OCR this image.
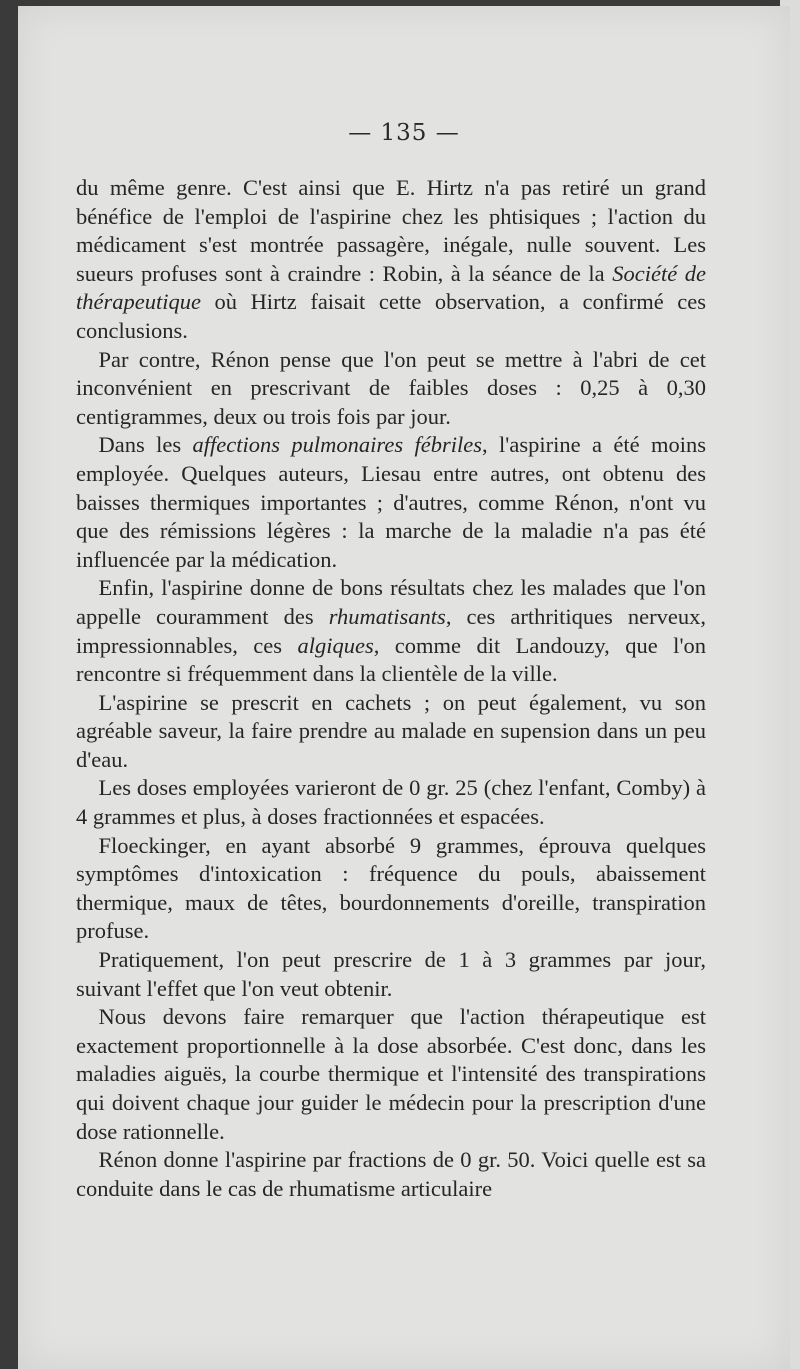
— 135 —

du même genre. C'est ainsi que E. Hirtz n'a pas retiré un grand bénéfice de l'emploi de l'aspirine chez les phtisiques ; l'action du médicament s'est montrée passagère, inégale, nulle souvent. Les sueurs profuses sont à craindre : Robin, à la séance de la Société de thérapeutique où Hirtz faisait cette observation, a confirmé ces conclusions.

Par contre, Rénon pense que l'on peut se mettre à l'abri de cet inconvénient en prescrivant de faibles doses : 0,25 à 0,30 centigrammes, deux ou trois fois par jour.

Dans les affections pulmonaires fébriles, l'aspirine a été moins employée. Quelques auteurs, Liesau entre autres, ont obtenu des baisses thermiques importantes ; d'autres, comme Rénon, n'ont vu que des rémissions légères : la marche de la maladie n'a pas été influencée par la médication.

Enfin, l'aspirine donne de bons résultats chez les malades que l'on appelle couramment des rhumatisants, ces arthritiques nerveux, impressionnables, ces algiques, comme dit Landouzy, que l'on rencontre si fréquemment dans la clientèle de la ville.

L'aspirine se prescrit en cachets ; on peut également, vu son agréable saveur, la faire prendre au malade en supension dans un peu d'eau.

Les doses employées varieront de 0 gr. 25 (chez l'enfant, Comby) à 4 grammes et plus, à doses fractionnées et espacées.

Floeckinger, en ayant absorbé 9 grammes, éprouva quelques symptômes d'intoxication : fréquence du pouls, abaissement thermique, maux de têtes, bourdonnements d'oreille, transpiration profuse.

Pratiquement, l'on peut prescrire de 1 à 3 grammes par jour, suivant l'effet que l'on veut obtenir.

Nous devons faire remarquer que l'action thérapeutique est exactement proportionnelle à la dose absorbée. C'est donc, dans les maladies aiguës, la courbe thermique et l'intensité des transpirations qui doivent chaque jour guider le médecin pour la prescription d'une dose rationnelle.

Rénon donne l'aspirine par fractions de 0 gr. 50. Voici quelle est sa conduite dans le cas de rhumatisme articulaire
